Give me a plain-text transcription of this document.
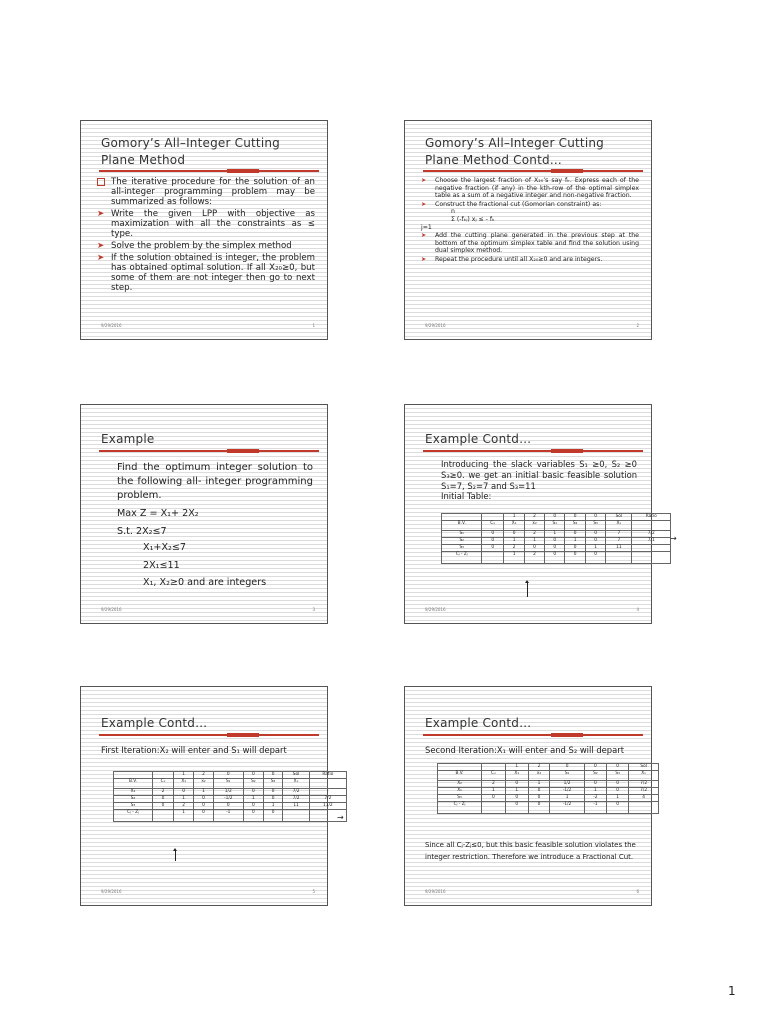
Gomory’s All–Integer Cutting Plane Method
The iterative procedure for the solution of an all-integer programming problem may be summarized as follows:
➤ Write the given LPP with objective as maximization with all the constraints as ≤ type.
➤ Solve the problem by the simplex method
➤ If the solution obtained is integer, the problem has obtained optimal solution. If all X₂₀≥0, but some of them are not integer then go to next step.
9/29/2016	1
Gomory’s All–Integer Cutting Plane Method Contd…
➤ Choose the largest fraction of X₂₀’s say fₖ. Express each of the negative fraction (if any) in the kth-row of the optimal simplex table as a sum of a negative integer and non-negative fraction.
➤ Construct the fractional cut (Gomorian constraint) as:
n
Σ (-fₖⱼ) xⱼ ≤ - fₖ
j=1
➤ Add the cutting plane generated in the previous step at the bottom of the optimum simplex table and find the solution using dual simplex method.
➤ Repeat the procedure until all X₂₀≥0 and are integers.
9/29/2016	2
Example
Find the optimum integer solution to the following all- integer programming problem.
Max Z = X₁+ 2X₂
S.t. 2X₂≤7
X₁+X₂≤7
2X₁≤11
X₁, X₂≥0 and are integers
9/29/2016	3
Example Contd…
Introducing the slack variables S₁ ≥0, S₂ ≥0 S₃≥0. we get an initial basic feasible solution S₁=7, S₂=7 and S₃=11
Initial Table:
		1	2	0	0	0	Sol	Ratio
B.V.	Cₓ	X₁	x₂	S₁	S₂	S₃	Xₓ	
S₁	0	0	2	1	0	0	7	7/2
S₂	0	1	1	0	1	0	7	7/1
S₃	0	2	0	0	0	1	11	-
Cⱼ - Zⱼ		1	2	0	0	0		
→
9/29/2016	4
Example Contd…
First Iteration:X₂ will enter and S₁ will depart
		1	2	0	0	0	Sol	Ratio
B.V.	Cₓ	X₁	x₂	S₁	S₂	S₃	Xₓ	
X₂	2	0	1	1/2	0	0	7/2	-
S₂	0	1	0	-1/2	1	0	7/2	7/2
S₃	0	2	0	0	0	1	11	11/2
Cⱼ - Zⱼ		1	0	-1	0	0		
→
9/29/2016	5
Example Contd…
Second Iteration:X₁ will enter and S₂ will depart
		1	2	0	0	0	Sol
B.V.	Cₓ	X₁	x₂	S₁	S₂	S₃	Xₓ
X₂	2	0	1	1/2	0	0	7/2
X₁	1	1	0	-1/2	1	0	7/2
S₃	0	0	0	1	-2	1	4
Cⱼ - Zⱼ		0	0	-1/2	-1	0	
Since all Cⱼ-Zⱼ≤0, but this basic feasible solution violates the integer restriction. Therefore we introduce a Fractional Cut.
9/29/2016	6
1
